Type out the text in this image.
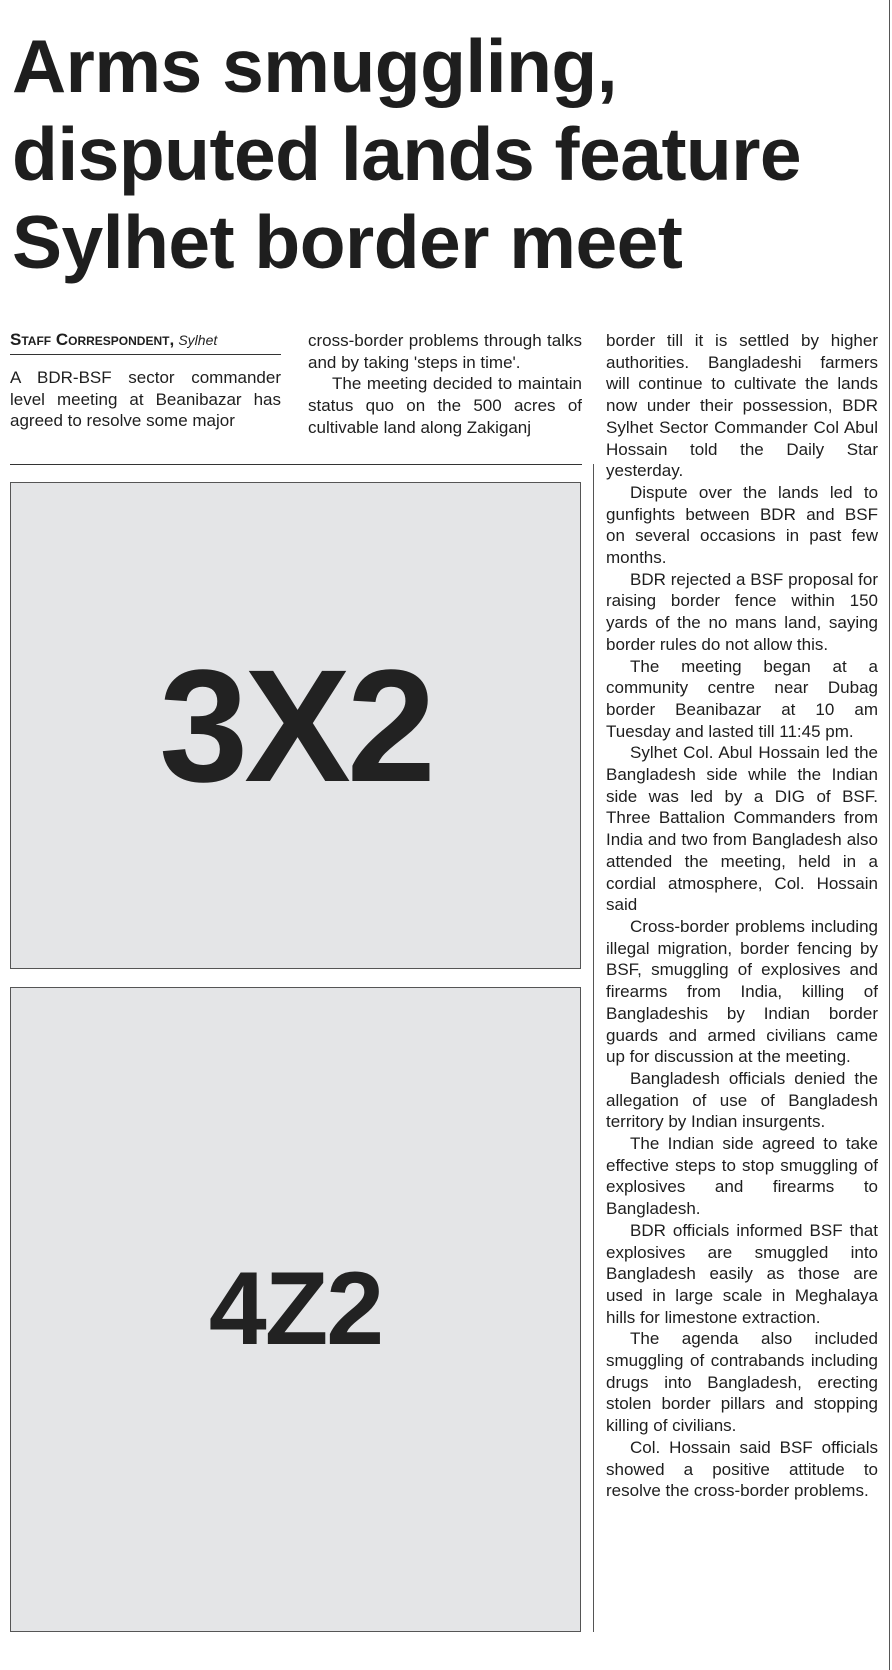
Arms smuggling,
disputed lands feature
Sylhet border meet
Staff Correspondent, Sylhet

A BDR-BSF sector commander level meeting at Beanibazar has agreed to resolve some major

cross-border problems through talks and by taking 'steps in time'.

The meeting decided to maintain status quo on the 500 acres of cultivable land along Zakiganj

border till it is settled by higher authorities. Bangladeshi farmers will continue to cultivate the lands now under their possession, BDR Sylhet Sector Commander Col Abul Hossain told the Daily Star yesterday.

Dispute over the lands led to gunfights between BDR and BSF on several occasions in past few months.

BDR rejected a BSF proposal for raising border fence within 150 yards of the no mans land, saying border rules do not allow this.

The meeting began at a community centre near Dubag border Beanibazar at 10 am Tuesday and lasted till 11:45 pm.

Sylhet Col. Abul Hossain led the Bangladesh side while the Indian side was led by a DIG of BSF. Three Battalion Commanders from India and two from Bangladesh also attended the meeting, held in a cordial atmosphere, Col. Hossain said

Cross-border problems including illegal migration, border fencing by BSF, smuggling of explosives and firearms from India, killing of Bangladeshis by Indian border guards and armed civilians came up for discussion at the meeting.

Bangladesh officials denied the allegation of use of Bangladesh territory by Indian insurgents.

The Indian side agreed to take effective steps to stop smuggling of explosives and firearms to Bangladesh.

BDR officials informed BSF that explosives are smuggled into Bangladesh easily as those are used in large scale in Meghalaya hills for limestone extraction.

The agenda also included smuggling of contrabands including drugs into Bangladesh, erecting stolen border pillars and stopping killing of civilians.

Col. Hossain said BSF officials showed a positive attitude to resolve the cross-border problems.

3X2
4Z2
